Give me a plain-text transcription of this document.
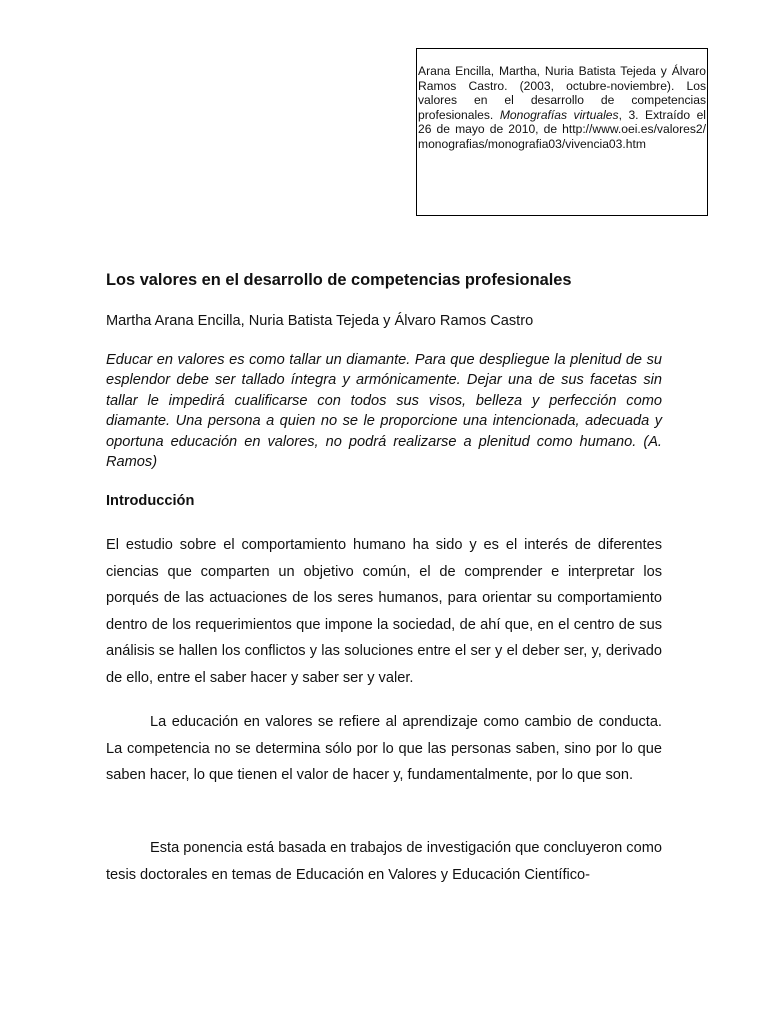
Arana Encilla, Martha, Nuria Batista Tejeda y Álvaro Ramos Castro. (2003, octubre-noviembre). Los valores en el desarrollo de competencias profesionales. Monografías virtuales, 3. Extraído el 26 de mayo de 2010, de http://www.oei.es/valores2/ monografias/monografia03/vivencia03.htm
Los valores en el desarrollo de competencias profesionales

Martha Arana Encilla, Nuria Batista Tejeda y Álvaro Ramos Castro

Educar en valores es como tallar un diamante. Para que despliegue la plenitud de su esplendor debe ser tallado íntegra y armónicamente. Dejar una de sus facetas sin tallar le impedirá cualificarse con todos sus visos, belleza y perfección como diamante. Una persona a quien no se le proporcione una intencionada, adecuada y oportuna educación en valores, no podrá realizarse a plenitud como humano. (A. Ramos)

Introducción

El estudio sobre el comportamiento humano ha sido y es el interés de diferentes ciencias que comparten un objetivo común, el de comprender e interpretar los porqués de las actuaciones de los seres humanos, para orientar su comportamiento dentro de los requerimientos que impone la sociedad, de ahí que, en el centro de sus análisis se hallen los conflictos y las soluciones entre el ser y el deber ser, y, derivado de ello, entre el saber hacer y saber ser y valer.

La educación en valores se refiere al aprendizaje como cambio de conducta. La competencia no se determina sólo por lo que las personas saben, sino por lo que saben hacer, lo que tienen el valor de hacer y, fundamentalmente, por lo que son.

Esta ponencia está basada en trabajos de investigación que concluyeron como tesis doctorales en temas de Educación en Valores y Educación Científico-
